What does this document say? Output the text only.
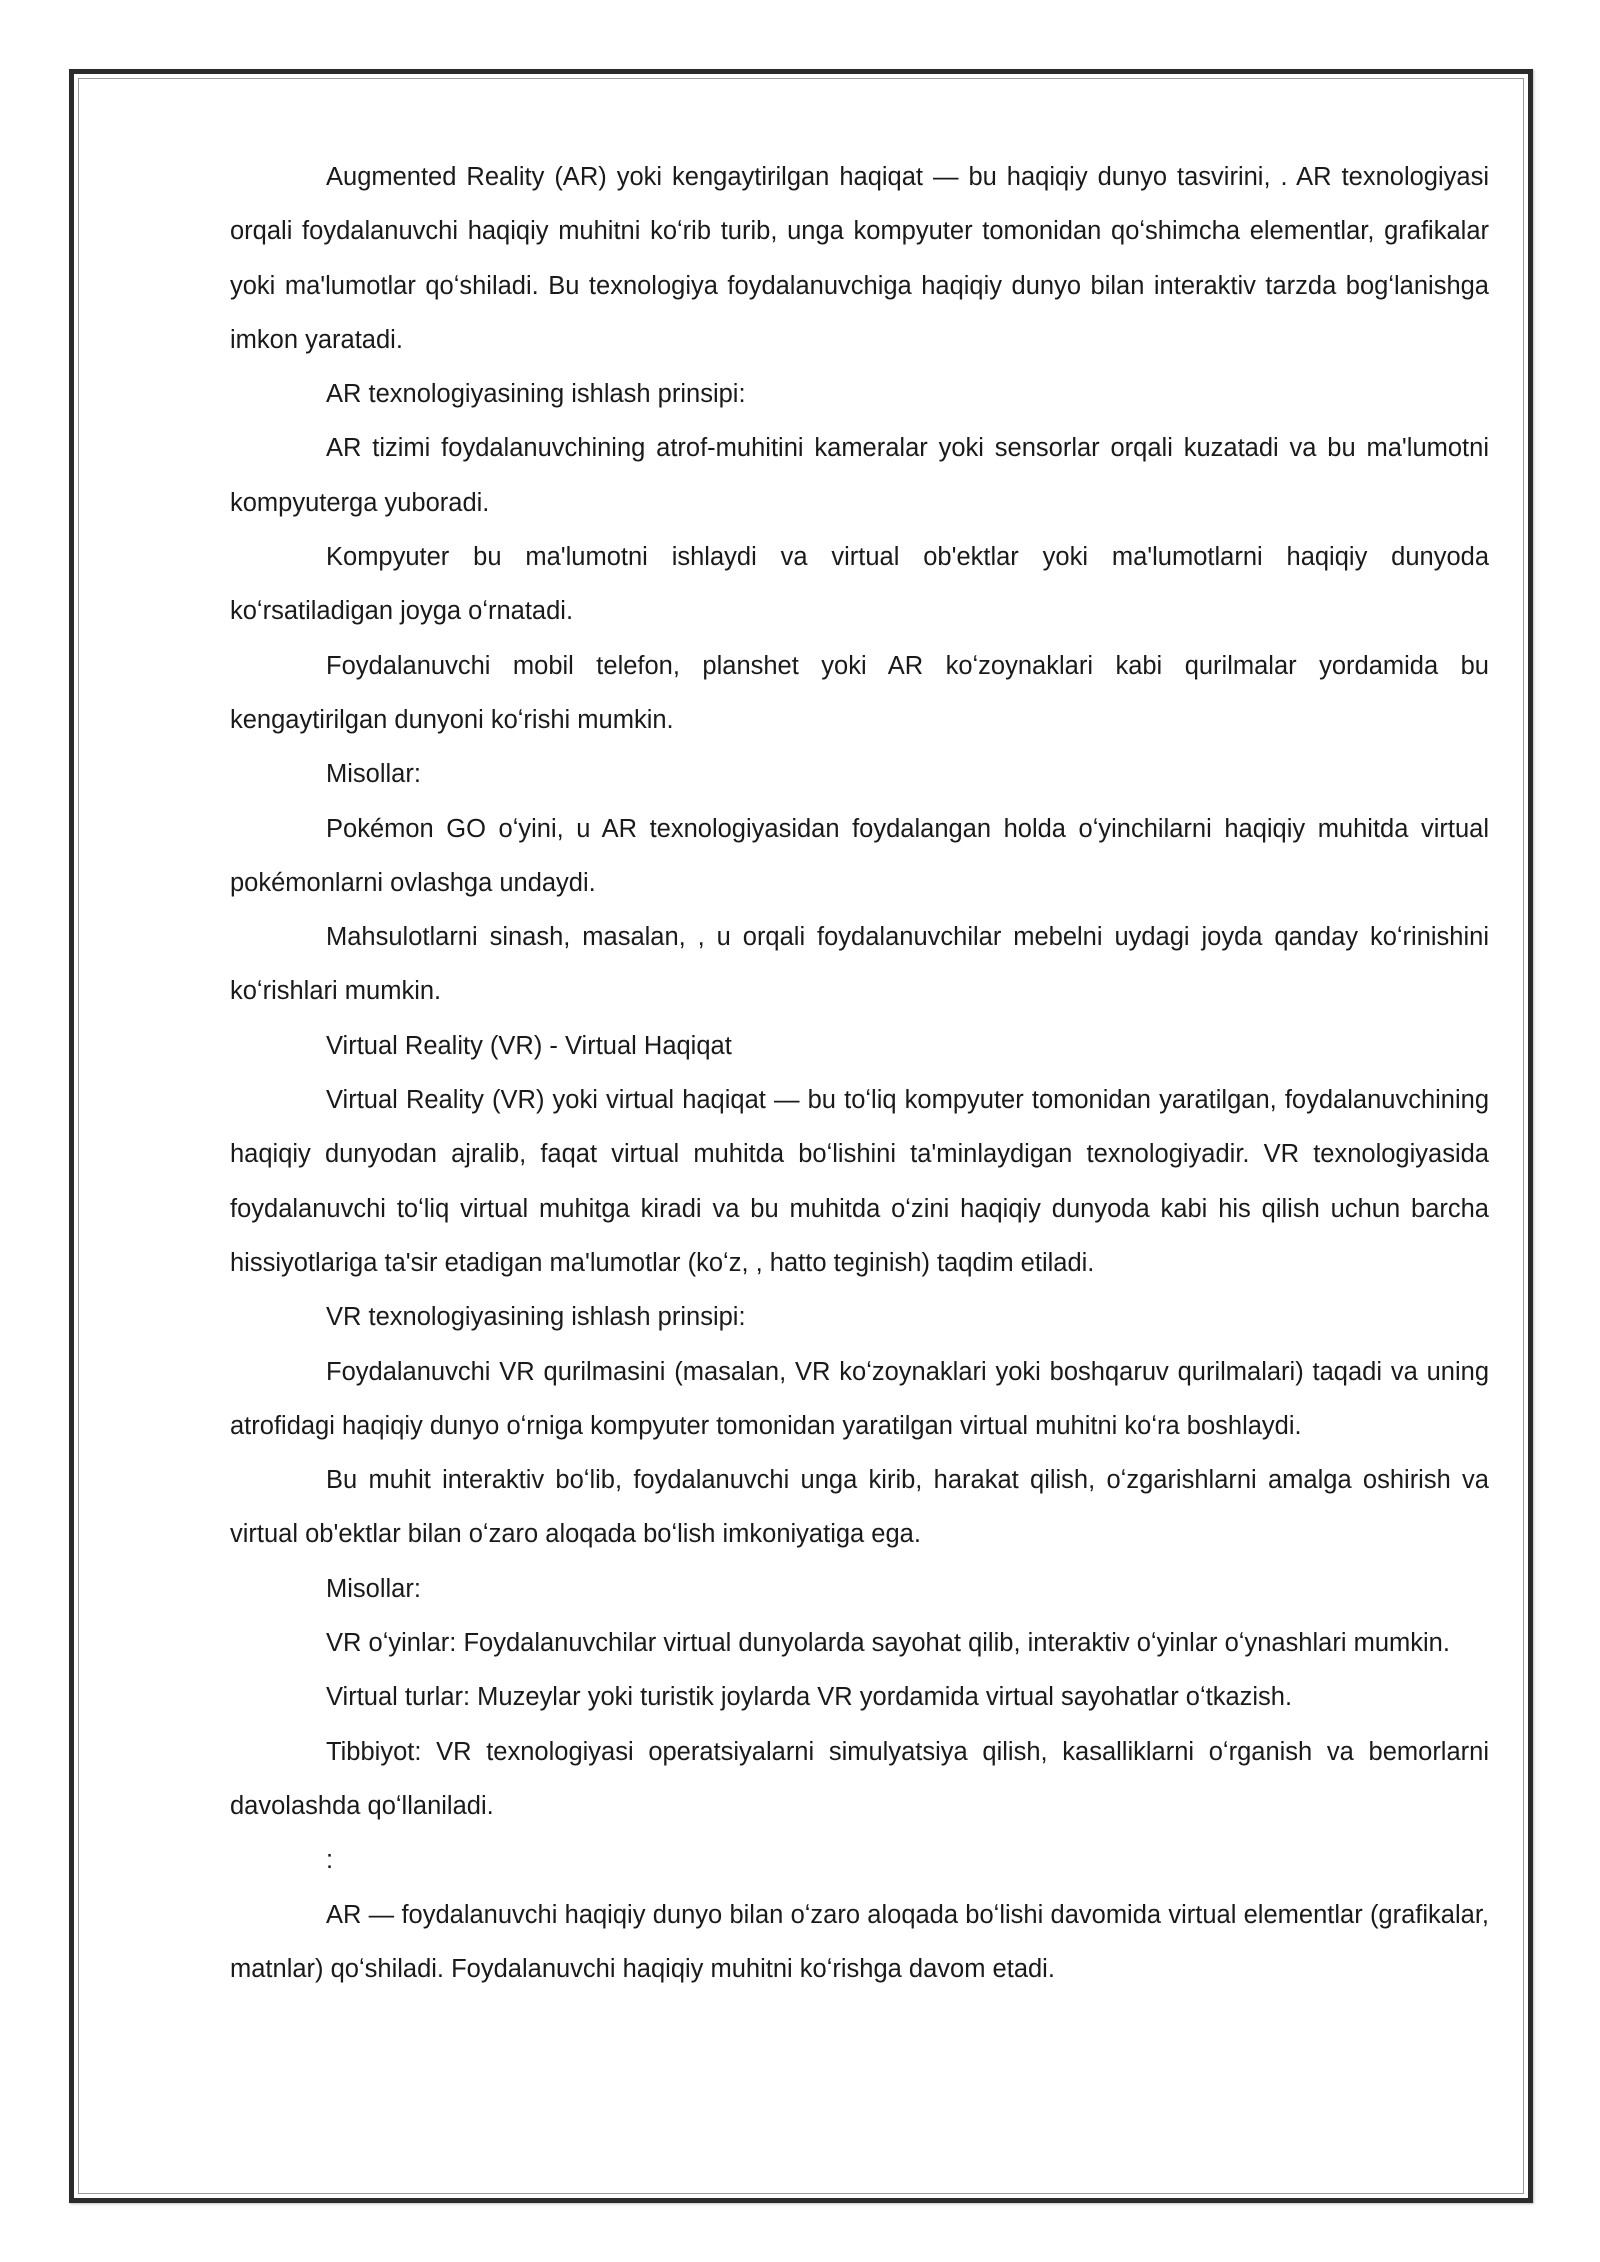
Augmented Reality (AR) yoki kengaytirilgan haqiqat — bu haqiqiy dunyo tasvirini, . AR texnologiyasi orqali foydalanuvchi haqiqiy muhitni koʻrib turib, unga kompyuter tomonidan qoʻshimcha elementlar, grafikalar yoki ma'lumotlar qoʻshiladi. Bu texnologiya foydalanuvchiga haqiqiy dunyo bilan interaktiv tarzda bogʻlanishga imkon yaratadi.

AR texnologiyasining ishlash prinsipi:

AR tizimi foydalanuvchining atrof-muhitini kameralar yoki sensorlar orqali kuzatadi va bu ma'lumotni kompyuterga yuboradi.

Kompyuter bu ma'lumotni ishlaydi va virtual ob'ektlar yoki ma'lumotlarni haqiqiy dunyoda koʻrsatiladigan joyga oʻrnatadi.

Foydalanuvchi mobil telefon, planshet yoki AR koʻzoynaklari kabi qurilmalar yordamida bu kengaytirilgan dunyoni koʻrishi mumkin.

Misollar:

Pokémon GO oʻyini, u AR texnologiyasidan foydalangan holda oʻyinchilarni haqiqiy muhitda virtual pokémonlarni ovlashga undaydi.

Mahsulotlarni sinash, masalan, , u orqali foydalanuvchilar mebelni uydagi joyda qanday koʻrinishini koʻrishlari mumkin.

Virtual Reality (VR) - Virtual Haqiqat

Virtual Reality (VR) yoki virtual haqiqat — bu toʻliq kompyuter tomonidan yaratilgan, foydalanuvchining haqiqiy dunyodan ajralib, faqat virtual muhitda boʻlishini ta'minlaydigan texnologiyadir. VR texnologiyasida foydalanuvchi toʻliq virtual muhitga kiradi va bu muhitda oʻzini haqiqiy dunyoda kabi his qilish uchun barcha hissiyotlariga ta'sir etadigan ma'lumotlar (koʻz, , hatto teginish) taqdim etiladi.

VR texnologiyasining ishlash prinsipi:

Foydalanuvchi VR qurilmasini (masalan, VR koʻzoynaklari yoki boshqaruv qurilmalari) taqadi va uning atrofidagi haqiqiy dunyo oʻrniga kompyuter tomonidan yaratilgan virtual muhitni koʻra boshlaydi.

Bu muhit interaktiv boʻlib, foydalanuvchi unga kirib, harakat qilish, oʻzgarishlarni amalga oshirish va virtual ob'ektlar bilan oʻzaro aloqada boʻlish imkoniyatiga ega.

Misollar:

VR oʻyinlar: Foydalanuvchilar virtual dunyolarda sayohat qilib, interaktiv oʻyinlar oʻynashlari mumkin.

Virtual turlar: Muzeylar yoki turistik joylarda VR yordamida virtual sayohatlar oʻtkazish.

Tibbiyot: VR texnologiyasi operatsiyalarni simulyatsiya qilish, kasalliklarni oʻrganish va bemorlarni davolashda qoʻllaniladi.

:

AR — foydalanuvchi haqiqiy dunyo bilan oʻzaro aloqada boʻlishi davomida virtual elementlar (grafikalar, matnlar) qoʻshiladi. Foydalanuvchi haqiqiy muhitni koʻrishga davom etadi.
